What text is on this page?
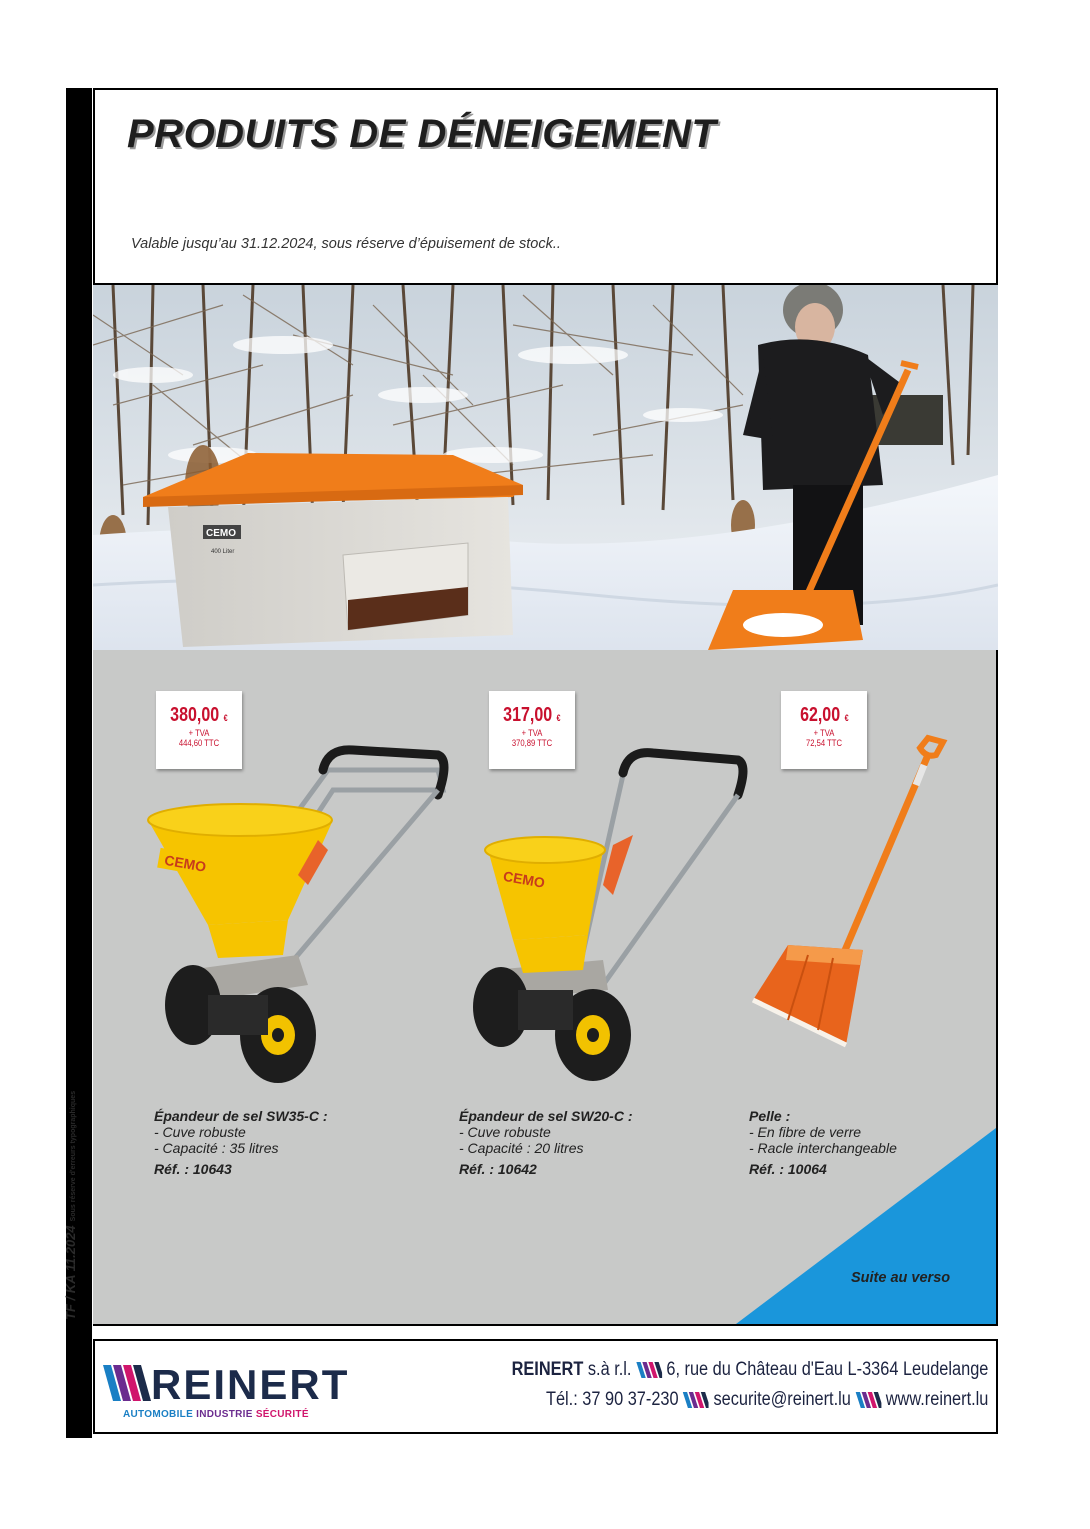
PRODUITS DE DÉNEIGEMENT
Valable jusqu’au 31.12.2024, sous réserve d’épuisement de stock..
CEMO
400 Liter
380,00 €
+ TVA
444,60 TTC
317,00 €
+ TVA
370,89 TTC
62,00 €
+ TVA
72,54 TTC
CEMO
CEMO
Épandeur de sel SW35-C :
- Cuve robuste
- Capacité : 35 litres
Réf. : 10643
Épandeur de sel SW20-C :
- Cuve robuste
- Capacité : 20 litres
Réf. : 10642
Pelle :
- En fibre de verre
- Racle interchangeable
Réf. : 10064
Suite au verso
TF / KA 11.2024Sous réserve d'erreurs typographiques
REINERT
AUTOMOBILE INDUSTRIE SÉCURITÉ
REINERT s.à r.l. 6, rue du Château d'Eau L-3364 Leudelange
Tél.: 37 90 37-230 securite@reinert.lu www.reinert.lu
